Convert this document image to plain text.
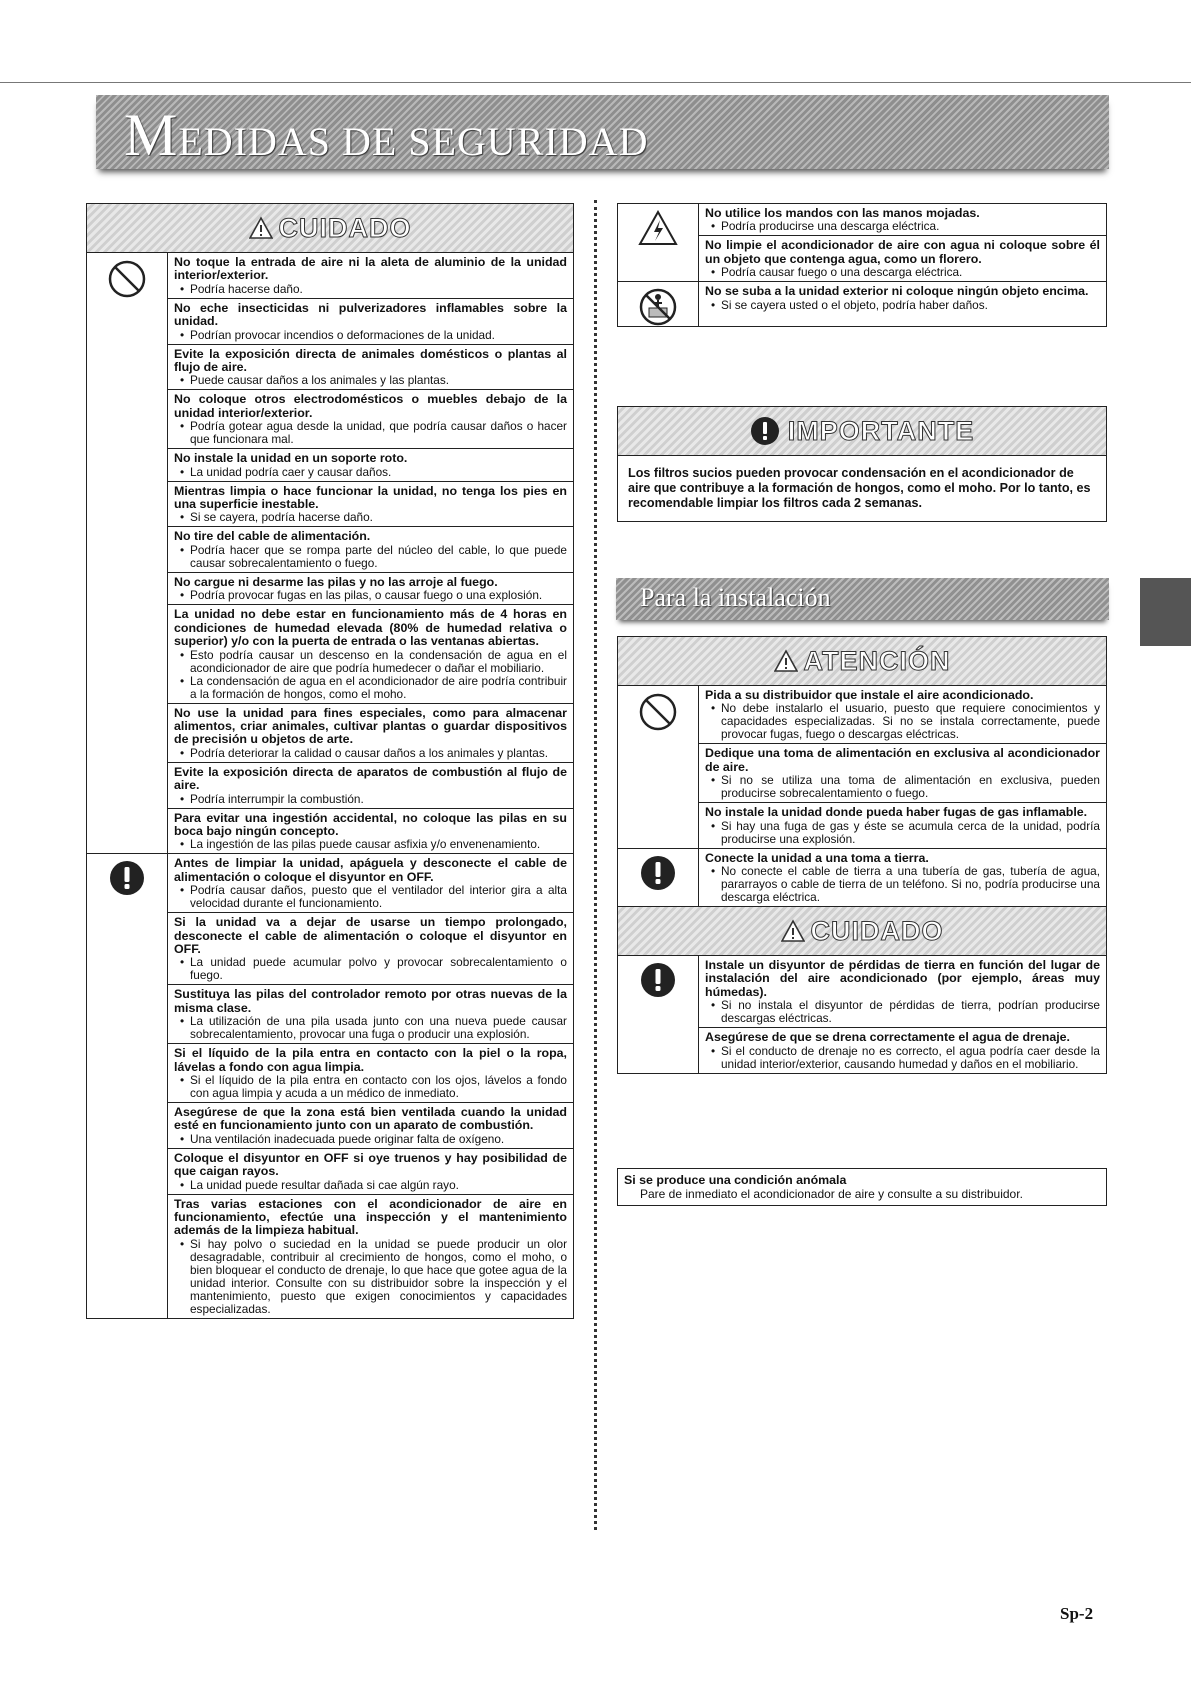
MEDIDAS DE SEGURIDAD
CUIDADO
No toque la entrada de aire ni la aleta de aluminio de la unidad interior/exterior.
• Podría hacerse daño.
No eche insecticidas ni pulverizadores inflamables sobre la unidad.
• Podrían provocar incendios o deformaciones de la unidad.
Evite la exposición directa de animales domésticos o plantas al flujo de aire.
• Puede causar daños a los animales y las plantas.
No coloque otros electrodomésticos o muebles debajo de la unidad interior/exterior.
• Podría gotear agua desde la unidad, que podría causar daños o hacer que funcionara mal.
No instale la unidad en un soporte roto.
• La unidad podría caer y causar daños.
Mientras limpia o hace funcionar la unidad, no tenga los pies en una superficie inestable.
• Si se cayera, podría hacerse daño.
No tire del cable de alimentación.
• Podría hacer que se rompa parte del núcleo del cable, lo que puede causar sobrecalentamiento o fuego.
No cargue ni desarme las pilas y no las arroje al fuego.
• Podría provocar fugas en las pilas, o causar fuego o una explosión.
La unidad no debe estar en funcionamiento más de 4 horas en condiciones de humedad elevada (80% de humedad relativa o superior) y/o con la puerta de entrada o las ventanas abiertas.
• Esto podría causar un descenso en la condensación de agua en el acondicionador de aire que podría humedecer o dañar el mobiliario.
• La condensación de agua en el acondicionador de aire podría contribuir a la formación de hongos, como el moho.
No use la unidad para fines especiales, como para almacenar alimentos, criar animales, cultivar plantas o guardar dispositivos de precisión u objetos de arte.
• Podría deteriorar la calidad o causar daños a los animales y plantas.
Evite la exposición directa de aparatos de combustión al flujo de aire.
• Podría interrumpir la combustión.
Para evitar una ingestión accidental, no coloque las pilas en su boca bajo ningún concepto.
• La ingestión de las pilas puede causar asfixia y/o envenenamiento.
Antes de limpiar la unidad, apáguela y desconecte el cable de alimentación o coloque el disyuntor en OFF.
• Podría causar daños, puesto que el ventilador del interior gira a alta velocidad durante el funcionamiento.
Si la unidad va a dejar de usarse un tiempo prolongado, desconecte el cable de alimentación o coloque el disyuntor en OFF.
• La unidad puede acumular polvo y provocar sobrecalentamiento o fuego.
Sustituya las pilas del controlador remoto por otras nuevas de la misma clase.
• La utilización de una pila usada junto con una nueva puede causar sobrecalentamiento, provocar una fuga o producir una explosión.
Si el líquido de la pila entra en contacto con la piel o la ropa, lávelas a fondo con agua limpia.
• Si el líquido de la pila entra en contacto con los ojos, lávelos a fondo con agua limpia y acuda a un médico de inmediato.
Asegúrese de que la zona está bien ventilada cuando la unidad esté en funcionamiento junto con un aparato de combustión.
• Una ventilación inadecuada puede originar falta de oxígeno.
Coloque el disyuntor en OFF si oye truenos y hay posibilidad de que caigan rayos.
• La unidad puede resultar dañada si cae algún rayo.
Tras varias estaciones con el acondicionador de aire en funcionamiento, efectúe una inspección y el mantenimiento además de la limpieza habitual.
• Si hay polvo o suciedad en la unidad se puede producir un olor desagradable, contribuir al crecimiento de hongos, como el moho, o bien bloquear el conducto de drenaje, lo que hace que gotee agua de la unidad interior. Consulte con su distribuidor sobre la inspección y el mantenimiento, puesto que exigen conocimientos y capacidades especializadas.
No utilice los mandos con las manos mojadas.
• Podría producirse una descarga eléctrica.
No limpie el acondicionador de aire con agua ni coloque sobre él un objeto que contenga agua, como un florero.
• Podría causar fuego o una descarga eléctrica.
No se suba a la unidad exterior ni coloque ningún objeto encima.
• Si se cayera usted o el objeto, podría haber daños.
IMPORTANTE
Los filtros sucios pueden provocar condensación en el acondicionador de aire que contribuye a la formación de hongos, como el moho. Por lo tanto, es recomendable limpiar los filtros cada 2 semanas.
Para la instalación
ATENCIÓN
Pida a su distribuidor que instale el aire acondicionado.
• No debe instalarlo el usuario, puesto que requiere conocimientos y capacidades especializadas. Si no se instala correctamente, puede provocar fugas, fuego o descargas eléctricas.
Dedique una toma de alimentación en exclusiva al acondicionador de aire.
• Si no se utiliza una toma de alimentación en exclusiva, pueden producirse sobrecalentamiento o fuego.
No instale la unidad donde pueda haber fugas de gas inflamable.
• Si hay una fuga de gas y éste se acumula cerca de la unidad, podría producirse una explosión.
Conecte la unidad a una toma a tierra.
• No conecte el cable de tierra a una tubería de gas, tubería de agua, pararrayos o cable de tierra de un teléfono. Si no, podría producirse una descarga eléctrica.
CUIDADO
Instale un disyuntor de pérdidas de tierra en función del lugar de instalación del aire acondicionado (por ejemplo, áreas muy húmedas).
• Si no instala el disyuntor de pérdidas de tierra, podrían producirse descargas eléctricas.
Asegúrese de que se drena correctamente el agua de drenaje.
• Si el conducto de drenaje no es correcto, el agua podría caer desde la unidad interior/exterior, causando humedad y daños en el mobiliario.
Si se produce una condición anómala
Pare de inmediato el acondicionador de aire y consulte a su distribuidor.
Sp-2
